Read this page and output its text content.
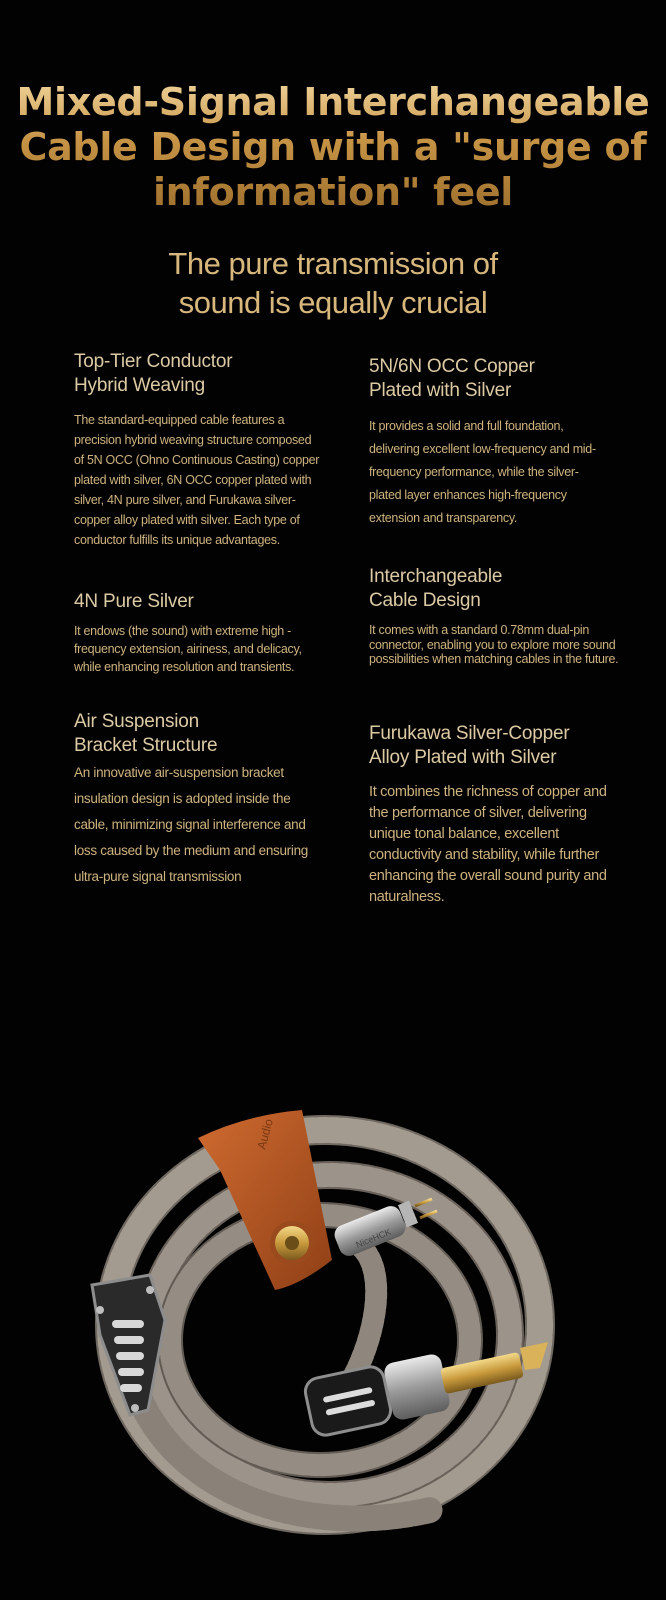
Mixed-Signal Interchangeable
Cable Design with a "surge of
information" feel
The pure transmission of
sound is equally crucial
Top-Tier Conductor
Hybrid Weaving

The standard-equipped cable features a precision hybrid weaving structure composed of 5N OCC (Ohno Continuous Casting) copper plated with silver, 6N OCC copper plated with silver, 4N pure silver, and Furukawa silver-copper alloy plated with silver. Each type of conductor fulfills its unique advantages.

5N/6N OCC Copper
Plated with Silver

It provides a solid and full foundation, delivering excellent low-frequency and mid-frequency performance, while the silver-plated layer enhances high-frequency extension and transparency.

4N Pure Silver

It endows (the sound) with extreme high -frequency extension, airiness, and delicacy, while enhancing resolution and transients.

Interchangeable
Cable Design

It comes with a standard 0.78mm dual-pin connector, enabling you to explore more sound possibilities when matching cables in the future.

Air Suspension
Bracket Structure

An innovative air-suspension bracket insulation design is adopted inside the cable, minimizing signal interference and loss caused by the medium and ensuring ultra-pure signal transmission

Furukawa Silver-Copper
Alloy Plated with Silver

It combines the richness of copper and the performance of silver, delivering unique tonal balance, excellent conductivity and stability, while further enhancing the overall sound purity and naturalness.

Audio
NiceHCK
